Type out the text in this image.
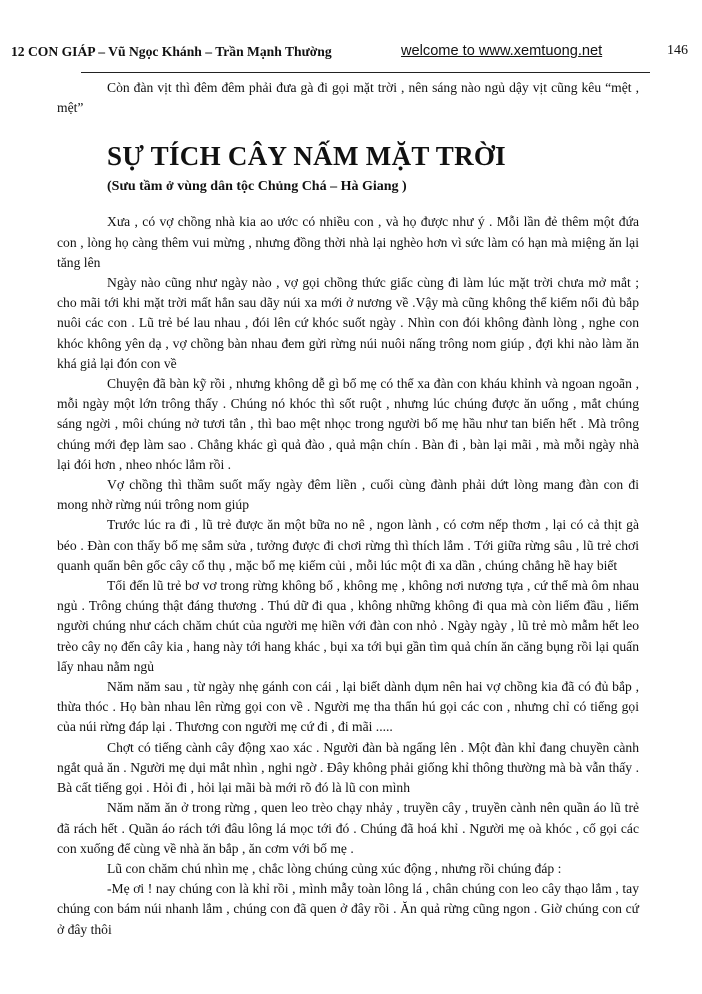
12 CON GIÁP – Vũ Ngọc Khánh – Trần Mạnh Thường	welcome to www.xemtuong.net	146

Còn đàn vịt thì đêm đêm phải đưa gà đi gọi mặt trời , nên sáng nào ngủ dậy vịt cũng kêu “mệt , mệt”

SỰ TÍCH CÂY NẤM MẶT TRỜI
(Sưu tầm ở vùng dân tộc Chủng Chá – Hà Giang )

Xưa , có vợ chồng nhà kia ao ước có nhiều con , và họ được như ý . Mỗi lần đẻ thêm một đứa con , lòng họ càng thêm vui mừng , nhưng đồng thời nhà lại nghèo hơn vì sức làm có hạn mà miệng ăn lại tăng lên

Ngày nào cũng như ngày nào , vợ gọi chồng thức giấc cùng đi làm lúc mặt trời chưa mở mắt ; cho mãi tới khi mặt trời mất hẳn sau dãy núi xa mới ở nương về .Vậy mà cũng không thể kiếm nổi đủ bắp nuôi các con . Lũ trẻ bé lau nhau , đói lên cứ khóc suốt ngày . Nhìn con đói không đành lòng , nghe con khóc không yên dạ , vợ chồng bàn nhau đem gửi rừng núi nuôi nấng trông nom giúp , đợi khi nào làm ăn khá giả lại đón con về

Chuyện đã bàn kỹ rồi , nhưng không dễ gì bố mẹ có thể xa đàn con kháu khỉnh và ngoan ngoãn , mỗi ngày một lớn trông thấy . Chúng nó khóc thì sốt ruột , nhưng lúc chúng được ăn uống , mắt chúng sáng ngời , môi chúng nở tươi tắn , thì bao mệt nhọc trong người bố mẹ hầu như tan biến hết . Mà trông chúng mới đẹp làm sao . Chẳng khác gì quả đào , quả mận chín . Bàn đi , bàn lại mãi , mà mỗi ngày nhà lại đói hơn , nheo nhóc lắm rồi .

Vợ chồng thì thầm suốt mấy ngày đêm liền , cuối cùng đành phải dứt lòng mang đàn con đi mong nhờ rừng núi trông nom giúp

Trước lúc ra đi , lũ trẻ được ăn một bữa no nê , ngon lành , có cơm nếp thơm , lại có cả thịt gà béo . Đàn con thấy bố mẹ sắm sửa , tưởng được đi chơi rừng thì thích lắm . Tới giữa rừng sâu , lũ trẻ chơi quanh quẩn bên gốc cây cổ thụ , mặc bố mẹ kiếm củi , mỗi lúc một đi xa dần , chúng chẳng hề hay biết

Tối đến lũ trẻ bơ vơ trong rừng không bố , không mẹ , không nơi nương tựa , cứ thế mà ôm nhau ngủ . Trông chúng thật đáng thương . Thú dữ đi qua , không những không đi qua mà còn liếm đầu , liếm người chúng như cách chăm chút của người mẹ hiền với đàn con nhỏ . Ngày ngày , lũ trẻ mò mẫm hết leo trèo cây nọ đến cây kia , hang này tới hang khác , bụi xa tới bụi gần tìm quả chín ăn căng bụng rồi lại quấn lấy nhau nằm ngủ

Năm năm sau , từ ngày nhẹ gánh con cái , lại biết dành dụm nên hai vợ chồng kia đã có đủ bắp , thừa thóc . Họ bàn nhau lên rừng gọi con về . Người mẹ tha thẩn hú gọi các con , nhưng chỉ có tiếng gọi của núi rừng đáp lại . Thương con người mẹ cứ đi , đi mãi .....

Chợt có tiếng cành cây động xao xác . Người đàn bà ngẩng lên . Một đàn khỉ đang chuyền cành ngắt quả ăn . Người mẹ dụi mắt nhìn , nghi ngờ . Đây không phải giống khỉ thông thường mà bà vẫn thấy . Bà cất tiếng gọi . Hỏi đi , hỏi lại mãi bà mới rõ đó là lũ con mình

Năm năm ăn ở trong rừng , quen leo trèo chạy nhảy , truyền cây , truyền cành nên quần áo lũ trẻ đã rách hết . Quần áo rách tới đâu lông lá mọc tới đó . Chúng đã hoá khỉ . Người mẹ oà khóc , cố gọi các con xuống để cùng về nhà ăn bắp , ăn cơm với bố mẹ .

Lũ con chăm chú nhìn mẹ , chắc lòng chúng củng xúc động , nhưng rồi chúng đáp :

-Mẹ ơi ! nay chúng con là khỉ rồi , mình mẫy toàn lông lá , chân chúng con leo cây thạo lắm , tay chúng con bám núi nhanh lắm , chúng con đã quen ở đây rồi . Ăn quả rừng cũng ngon . Giờ chúng con cứ ở đây thôi
